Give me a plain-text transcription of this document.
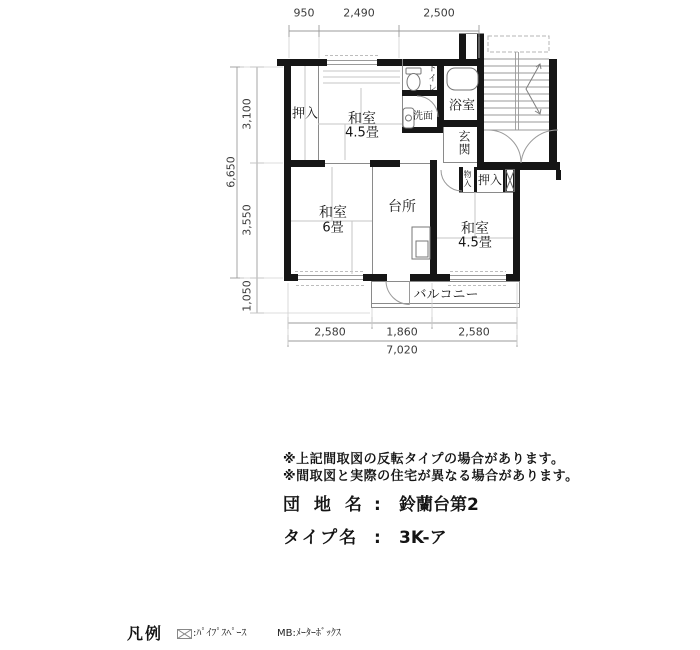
950	2,490	2,500
6,650
3,100
3,550
1,050
2,580	1,860	2,580
7,020
押入 和室
4.5畳
トイレ
洗面
浴室
玄関
物入 押入
和室
6畳
台所
和室
4.5畳
バルコニー
※上記間取図の反転タイプの場合があります。
※間取図と実際の住宅が異なる場合があります。
団 地 名 : 鈴蘭台第2
タイプ名 : 3K-ア
凡例	:ﾊﾟｲﾌﾟｽﾍﾟｰｽ	MB:ﾒｰﾀｰﾎﾞｯｸｽ
